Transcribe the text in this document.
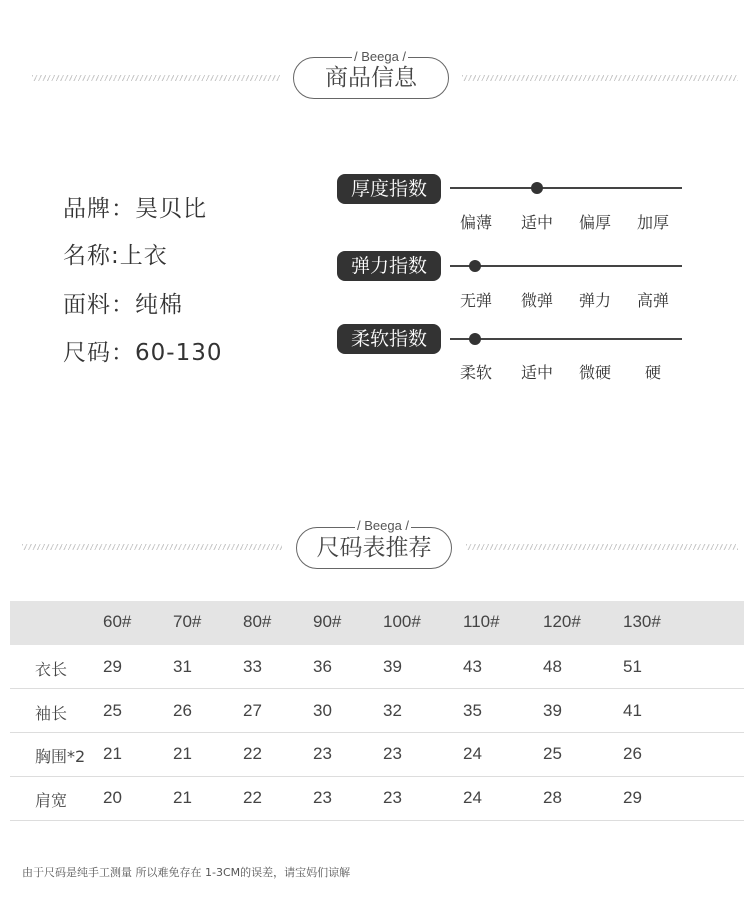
商品信息
/ Beega /
品牌：昊贝比
名称:上衣
面料：纯棉
尺码：60-130
厚度指数
偏薄	适中	偏厚	加厚
弹力指数
无弹	微弹	弹力	高弹
柔软指数
柔软	适中	微硬	硬
尺码表推荐
/ Beega /
60# 70# 80# 90# 100# 110#	120# 130#
衣长 29	31	33	36	39	43	48	51
袖长 25	26	27	30	32	35	39	41
胸围*2 21	21	22	23	23	24	25	26
肩宽 20	21	22	23	23	24	28	29
由于尺码是纯手工测量 所以难免存在 1-3CM的误差，请宝妈们谅解
